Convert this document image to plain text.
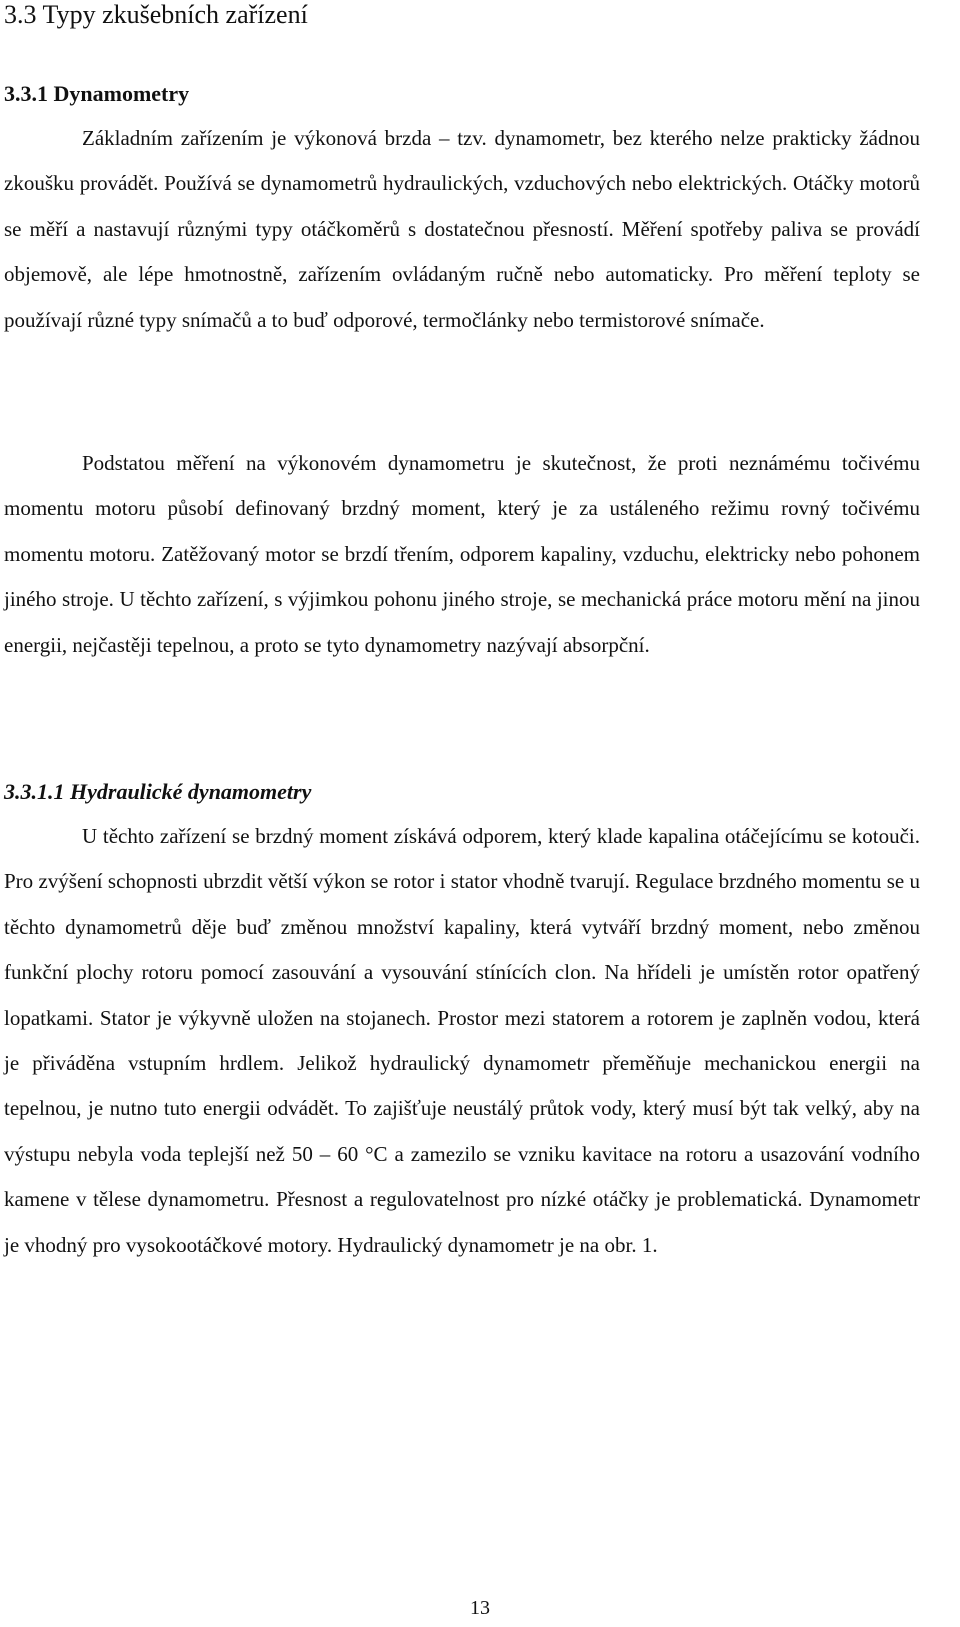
3.3 Typy zkušebních zařízení
3.3.1 Dynamometry

Základním zařízením je výkonová brzda – tzv. dynamometr, bez kterého nelze prakticky žádnou zkoušku provádět. Používá se dynamometrů hydraulických, vzduchových nebo elektrických. Otáčky motorů se měří a nastavují různými typy otáčkoměrů s dostatečnou přesností. Měření spotřeby paliva se provádí objemově, ale lépe hmotnostně, zařízením ovládaným ručně nebo automaticky. Pro měření teploty se používají různé typy snímačů a to buď odporové, termočlánky nebo termistorové snímače.

Podstatou měření na výkonovém dynamometru je skutečnost, že proti neznámému točivému momentu motoru působí definovaný brzdný moment, který je za ustáleného režimu rovný točivému momentu motoru. Zatěžovaný motor se brzdí třením, odporem kapaliny, vzduchu, elektricky nebo pohonem jiného stroje. U těchto zařízení, s výjimkou pohonu jiného stroje, se mechanická práce motoru mění na jinou energii, nejčastěji tepelnou, a proto se tyto dynamometry nazývají absorpční.

3.3.1.1 Hydraulické dynamometry

U těchto zařízení se brzdný moment získává odporem, který klade kapalina otáčejícímu se kotouči. Pro zvýšení schopnosti ubrzdit větší výkon se rotor i stator vhodně tvarují. Regulace brzdného momentu se u těchto dynamometrů děje buď změnou množství kapaliny, která vytváří brzdný moment, nebo změnou funkční plochy rotoru pomocí zasouvání a vysouvání stínících clon. Na hřídeli je umístěn rotor opatřený lopatkami. Stator je výkyvně uložen na stojanech. Prostor mezi statorem a rotorem je zaplněn vodou, která je přiváděna vstupním hrdlem. Jelikož hydraulický dynamometr přeměňuje mechanickou energii na tepelnou, je nutno tuto energii odvádět. To zajišťuje neustálý průtok vody, který musí být tak velký, aby na výstupu nebyla voda teplejší než 50 – 60 °C a zamezilo se vzniku kavitace na rotoru a usazování vodního kamene v tělese dynamometru. Přesnost a regulovatelnost pro nízké otáčky je problematická. Dynamometr je vhodný pro vysokootáčkové motory. Hydraulický dynamometr je na obr. 1.

13
